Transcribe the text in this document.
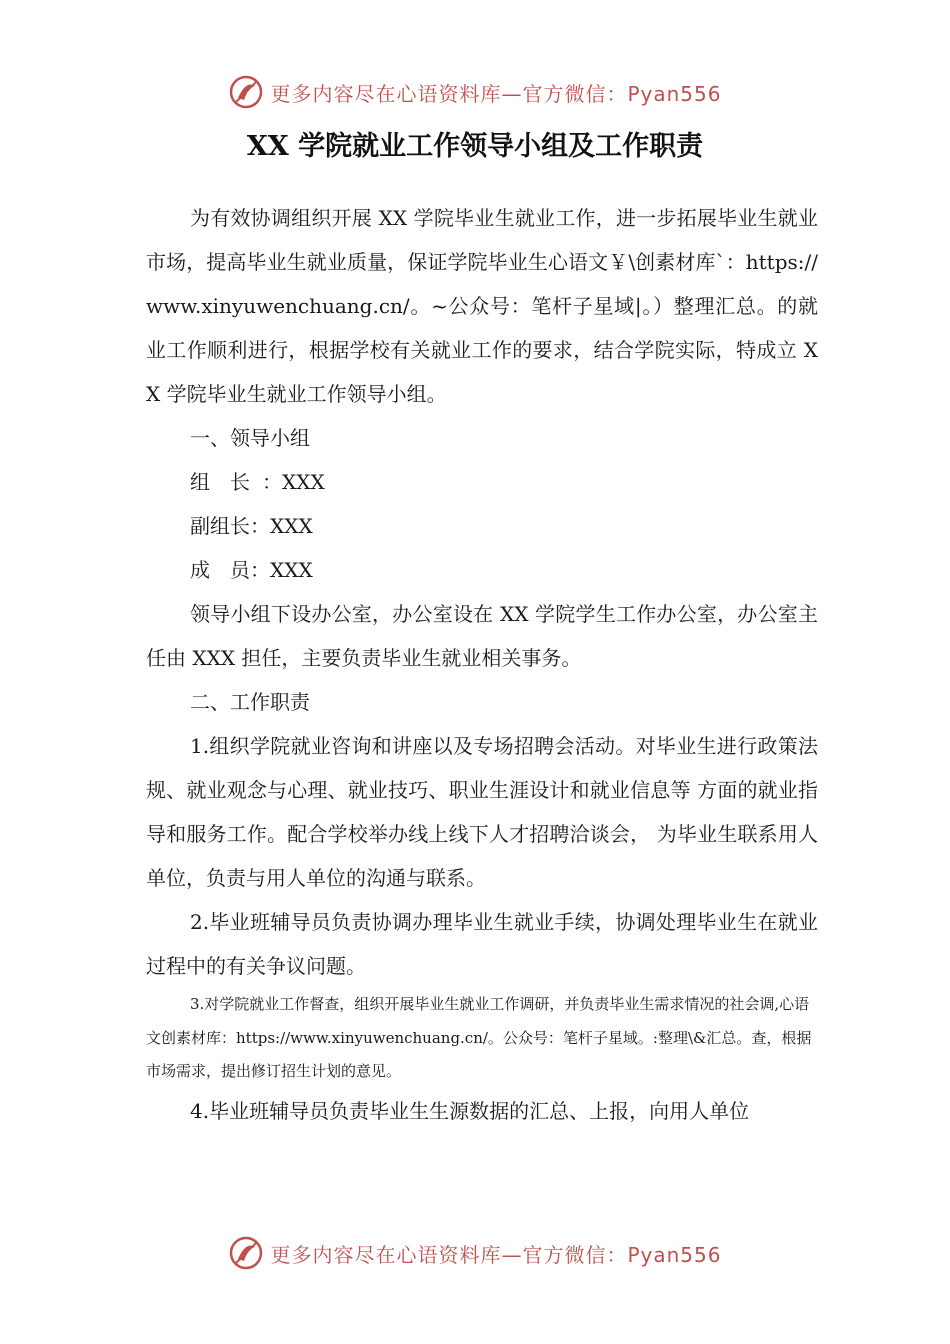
更多内容尽在心语资料库—官方微信：Pyan556
XX 学院就业工作领导小组及工作职责

为有效协调组织开展 XX 学院毕业生就业工作，进一步拓展毕业生就业市场，提高毕业生就业质量，保证学院毕业生心语文￥\创素材库`：https://www.xinyuwenchuang.cn/。~公众号：笔杆子星域|。）整理汇总。的就业工作顺利进行，根据学校有关就业工作的要求，结合学院实际，特成立 XX 学院毕业生就业工作领导小组。

一、领导小组

组　长 ：XXX
副组长： XXX
成　员： XXX

领导小组下设办公室，办公室设在 XX 学院学生工作办公室，办公室主任由 XXX 担任，主要负责毕业生就业相关事务。

二、工作职责

1.组织学院就业咨询和讲座以及专场招聘会活动。对毕业生进行政策法规、就业观念与心理、就业技巧、职业生涯设计和就业信息等 方面的就业指导和服务工作。配合学校举办线上线下人才招聘洽谈会， 为毕业生联系用人单位，负责与用人单位的沟通与联系。

2.毕业班辅导员负责协调办理毕业生就业手续，协调处理毕业生在就业过程中的有关争议问题。

3.对学院就业工作督查，组织开展毕业生就业工作调研，并负责毕业生需求情况的社会调,心语文创素材库：https://www.xinyuwenchuang.cn/。公众号：笔杆子星域。:整理\&汇总。查，根据市场需求，提出修订招生计划的意见。

4.毕业班辅导员负责毕业生生源数据的汇总、上报，向用人单位

更多内容尽在心语资料库—官方微信：Pyan556
